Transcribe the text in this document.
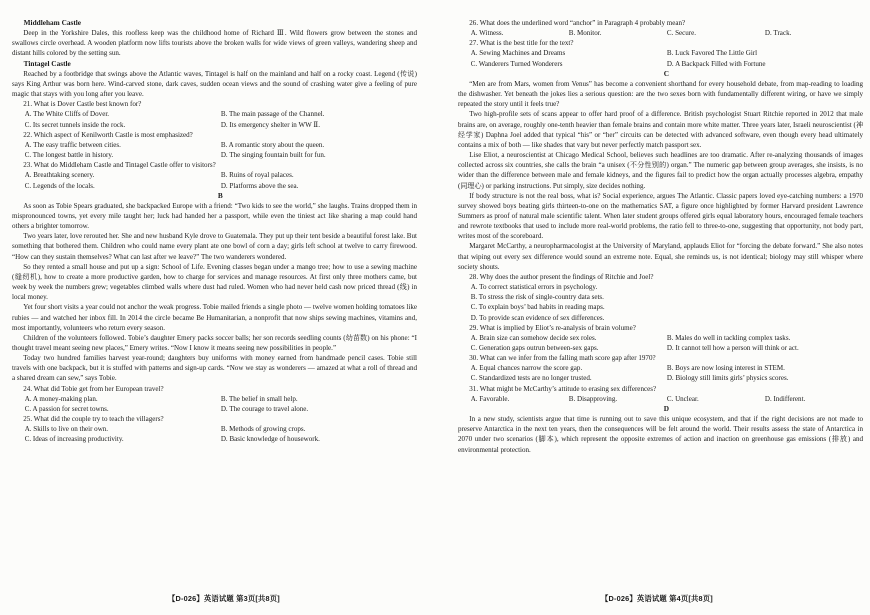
Middleham Castle

Deep in the Yorkshire Dales, this roofless keep was the childhood home of Richard Ⅲ. Wild flowers grow between the stones and swallows circle overhead. A wooden platform now lifts tourists above the broken walls for wide views of green valleys, wandering sheep and distant hills colored by the setting sun.

Tintagel Castle

Reached by a footbridge that swings above the Atlantic waves, Tintagel is half on the mainland and half on a rocky coast. Legend (传说) says King Arthur was born here. Wind-carved stone, dark caves, sudden ocean views and the sound of crashing water give a feeling of pure magic that stays with you long after you leave.

21. What is Dover Castle best known for?

A. The White Cliffs of Dover.	B. The main passage of the Channel.
C. Its secret tunnels inside the rock.	D. Its emergency shelter in WW Ⅱ.

22. Which aspect of Kenilworth Castle is most emphasized?

A. The easy traffic between cities.	B. A romantic story about the queen.
C. The longest battle in history.	D. The singing fountain built for fun.

23. What do Middleham Castle and Tintagel Castle offer to visitors?

A. Breathtaking scenery.	B. Ruins of royal palaces.
C. Legends of the locals.	D. Platforms above the sea.

B

As soon as Tobie Spears graduated, she backpacked Europe with a friend: “Two kids to see the world,” she laughs. Trains dropped them in mispronounced towns, yet every mile taught her; luck had handed her a passport, while even the tiniest act like sharing a map could hand others a brighter tomorrow.

Two years later, love rerouted her. She and new husband Kyle drove to Guatemala. They put up their tent beside a beautiful forest lake. But something that bothered them. Children who could name every plant ate one bowl of corn a day; girls left school at twelve to carry firewood. “How can they sustain themselves? What can last after we leave?” The two wanderers wondered.

So they rented a small house and put up a sign: School of Life. Evening classes began under a mango tree; how to use a sewing machine (缝纫机), how to create a more productive garden, how to charge for services and manage resources. At first only three mothers came, but week by week the numbers grew; vegetables climbed walls where dust had ruled. Women who had never held cash now priced thread (线) in local money.

Yet four short visits a year could not anchor the weak progress. Tobie mailed friends a single photo — twelve women holding tomatoes like rubies — and watched her inbox fill. In 2014 the circle became Be Humanitarian, a nonprofit that now ships sewing machines, vitamins and, most importantly, volunteers who return every season.

Children of the volunteers followed. Tobie’s daughter Emery packs soccer balls; her son records seedling counts (幼苗数) on his phone: “I thought travel meant seeing new places,” Emery writes. “Now I know it means seeing new possibilities in people.”

Today two hundred families harvest year-round; daughters buy uniforms with money earned from handmade pencil cases. Tobie still travels with one backpack, but it is stuffed with patterns and sign-up cards. “Now we stay as wonderers — amazed at what a roll of thread and a shared dream can sew,” says Tobie.

24. What did Tobie get from her European travel?

A. A money-making plan.	B. The belief in small help.
C. A passion for secret towns.	D. The courage to travel alone.

25. What did the couple try to teach the villagers?

A. Skills to live on their own.	B. Methods of growing crops.
C. Ideas of increasing productivity.	D. Basic knowledge of housework.

26. What does the underlined word “anchor” in Paragraph 4 probably mean?

A. Witness.	B. Monitor.	C. Secure.	D. Track.

27. What is the best title for the text?

A. Sewing Machines and Dreams	B. Luck Favored The Little Girl
C. Wanderers Turned Wonderers	D. A Backpack Filled with Fortune

C

“Men are from Mars, women from Venus” has become a convenient shorthand for every household debate, from map-reading to loading the dishwasher. Yet beneath the jokes lies a serious question: are the two sexes born with fundamentally different wiring, or have we simply repeated the story until it feels true?

Two high-profile sets of scans appear to offer hard proof of a difference. British psychologist Stuart Ritchie reported in 2012 that male brains are, on average, roughly one-tenth heavier than female brains and contain more white matter. Three years later, Israeli neuroscientist (神经学家) Daphna Joel added that typical “his” or “her” circuits can be detected with advanced software, even though every head ultimately contains a mix of both — like shades that vary but never perfectly match passport sex.

Lise Eliot, a neuroscientist at Chicago Medical School, believes such headlines are too dramatic. After re-analyzing thousands of images collected across six countries, she calls the brain “a unisex (不分性别的) organ.” The numeric gap between group averages, she insists, is no wider than the difference between male and female kidneys, and the figures fail to predict how the organ actually processes algebra, empathy (同理心) or parking instructions. Put simply, size decides nothing.

If body structure is not the real boss, what is? Social experience, argues The Atlantic. Classic papers loved eye-catching numbers: a 1970 survey showed boys beating girls thirteen-to-one on the mathematics SAT, a figure once highlighted by former Harvard president Lawrence Summers as proof of natural male scientific talent. When later student groups offered girls equal laboratory hours, encouraged female teachers and rewrote textbooks that used to include more real-world problems, the ratio fell to three-to-one, suggesting that opportunity, not body part, writes most of the scoreboard.

Margaret McCarthy, a neuropharmacologist at the University of Maryland, applauds Eliot for “forcing the debate forward.” She also notes that wiping out every sex difference would sound an extreme note. Equal, she reminds us, is not identical; biology may still whisper where society shouts.

28. Why does the author present the findings of Ritchie and Joel?

A. To correct statistical errors in psychology.
B. To stress the risk of single-country data sets.
C. To explain boys’ bad habits in reading maps.
D. To provide scan evidence of sex differences.

29. What is implied by Eliot’s re-analysis of brain volume?

A. Brain size can somehow decide sex roles.	B. Males do well in tackling complex tasks.
C. Generation gaps outrun between-sex gaps.	D. It cannot tell how a person will think or act.

30. What can we infer from the falling math score gap after 1970?

A. Equal chances narrow the score gap.	B. Boys are now losing interest in STEM.
C. Standardized tests are no longer trusted.	D. Biology still limits girls’ physics scores.

31. What might be McCarthy’s attitude to erasing sex differences?

A. Favorable.	B. Disapproving.	C. Unclear.	D. Indifferent.

D

In a new study, scientists argue that time is running out to save this unique ecosystem, and that if the right decisions are not made to preserve Antarctica in the next ten years, then the consequences will be felt around the world. Their results assess the state of Antarctica in 2070 under two scenarios (脚本), which represent the opposite extremes of action and inaction on greenhouse gas emissions (排放) and environmental protection.

【D-026】英语试题 第3页[共8页]	【D-026】英语试题 第4页[共8页]
